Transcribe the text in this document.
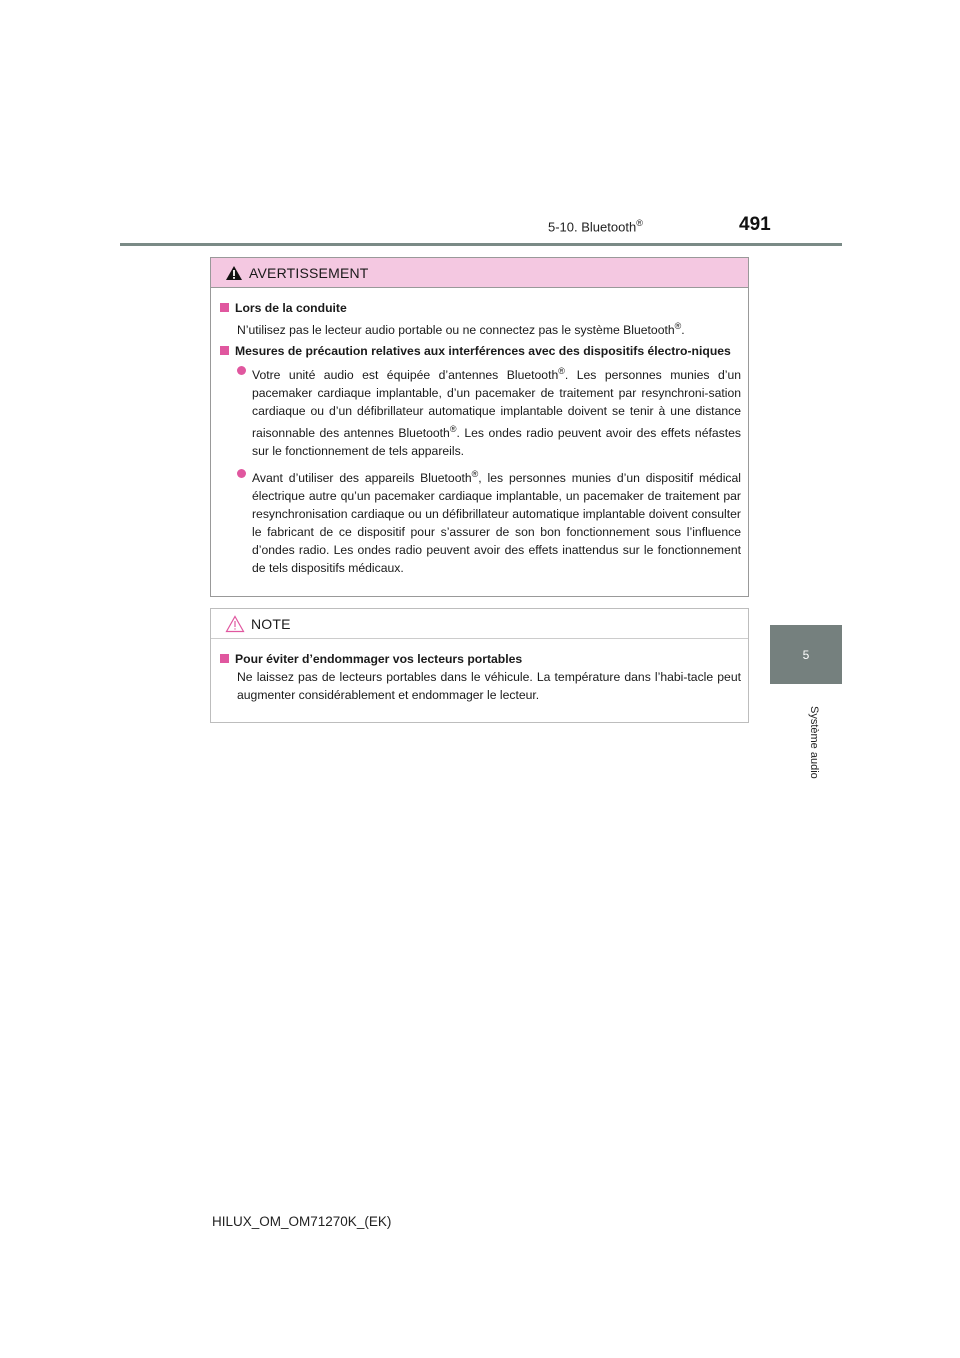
5-10. Bluetooth®	491
5
Système audio
AVERTISSEMENT
Lors de la conduite
N’utilisez pas le lecteur audio portable ou ne connectez pas le système Bluetooth®.
Mesures de précaution relatives aux interférences avec des dispositifs électro-niques
Votre unité audio est équipée d’antennes Bluetooth®. Les personnes munies d’un pacemaker cardiaque implantable, d’un pacemaker de traitement par resynchroni-sation cardiaque ou d’un défibrillateur automatique implantable doivent se tenir à une distance raisonnable des antennes Bluetooth®. Les ondes radio peuvent avoir des effets néfastes sur le fonctionnement de tels appareils.
Avant d’utiliser des appareils Bluetooth®, les personnes munies d’un dispositif médical électrique autre qu’un pacemaker cardiaque implantable, un pacemaker de traitement par resynchronisation cardiaque ou un défibrillateur automatique implantable doivent consulter le fabricant de ce dispositif pour s’assurer de son bon fonctionnement sous l’influence d’ondes radio. Les ondes radio peuvent avoir des effets inattendus sur le fonctionnement de tels dispositifs médicaux.
NOTE
Pour éviter d’endommager vos lecteurs portables
Ne laissez pas de lecteurs portables dans le véhicule. La température dans l’habi-tacle peut augmenter considérablement et endommager le lecteur.
HILUX_OM_OM71270K_(EK)
